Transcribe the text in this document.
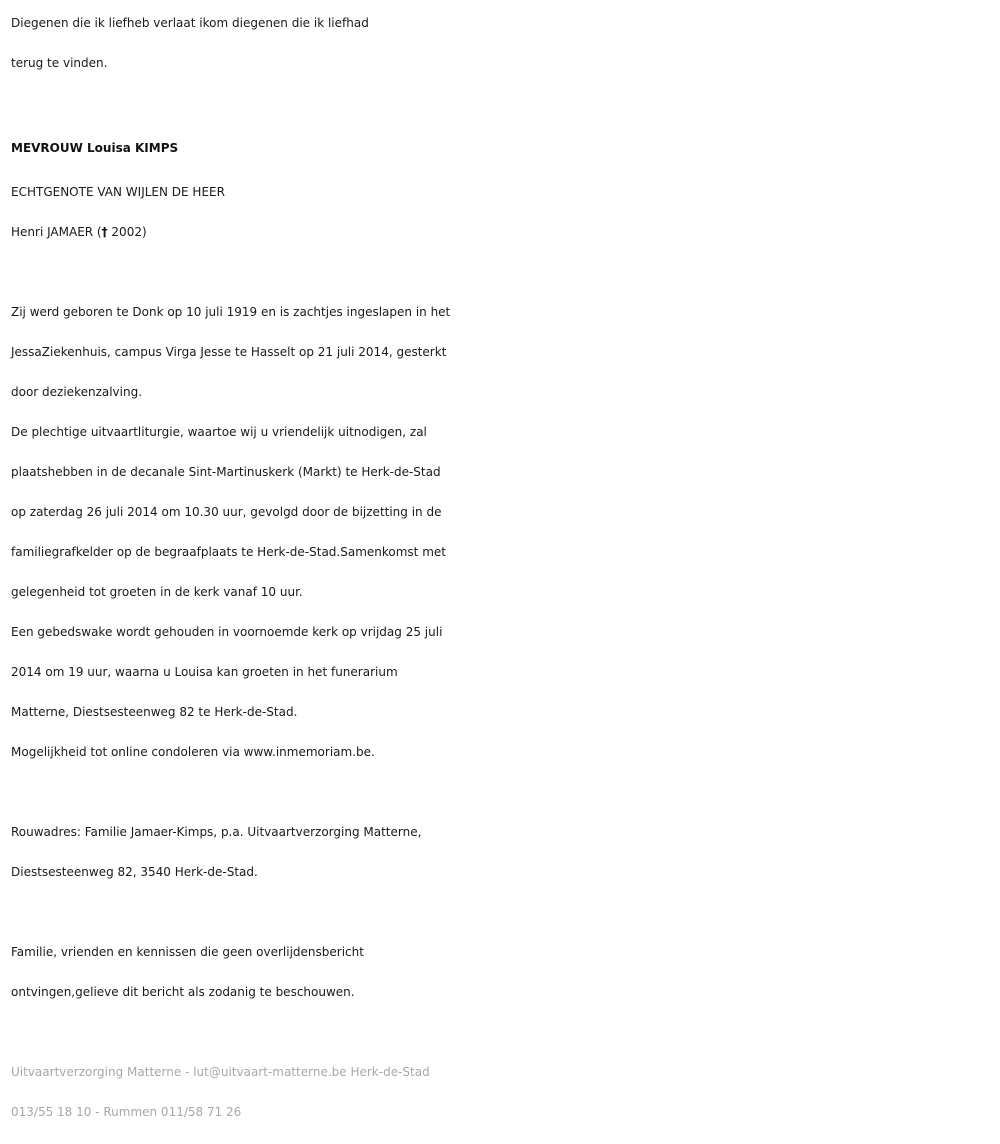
Diegenen die ik liefheb verlaat ikom diegenen die ik liefhad
terug te vinden.
MEVROUW Louisa KIMPS
ECHTGENOTE VAN WIJLEN DE HEER
Henri JAMAER († 2002)
Zij werd geboren te Donk op 10 juli 1919 en is zachtjes ingeslapen in het
JessaZiekenhuis, campus Virga Jesse te Hasselt op 21 juli 2014, gesterkt
door deziekenzalving.
De plechtige uitvaartliturgie, waartoe wij u vriendelijk uitnodigen, zal
plaatshebben in de decanale Sint-Martinuskerk (Markt) te Herk-de-Stad
op zaterdag 26 juli 2014 om 10.30 uur, gevolgd door de bijzetting in de
familiegrafkelder op de begraafplaats te Herk-de-Stad.Samenkomst met
gelegenheid tot groeten in de kerk vanaf 10 uur.
Een gebedswake wordt gehouden in voornoemde kerk op vrijdag 25 juli
2014 om 19 uur, waarna u Louisa kan groeten in het funerarium
Matterne, Diestsesteenweg 82 te Herk-de-Stad.
Mogelijkheid tot online condoleren via www.inmemoriam.be.
Rouwadres: Familie Jamaer-Kimps, p.a. Uitvaartverzorging Matterne,
Diestsesteenweg 82, 3540 Herk-de-Stad.
Familie, vrienden en kennissen die geen overlijdensbericht
ontvingen,gelieve dit bericht als zodanig te beschouwen.
Uitvaartverzorging Matterne - lut@uitvaart-matterne.be Herk-de-Stad
013/55 18 10 - Rummen 011/58 71 26
